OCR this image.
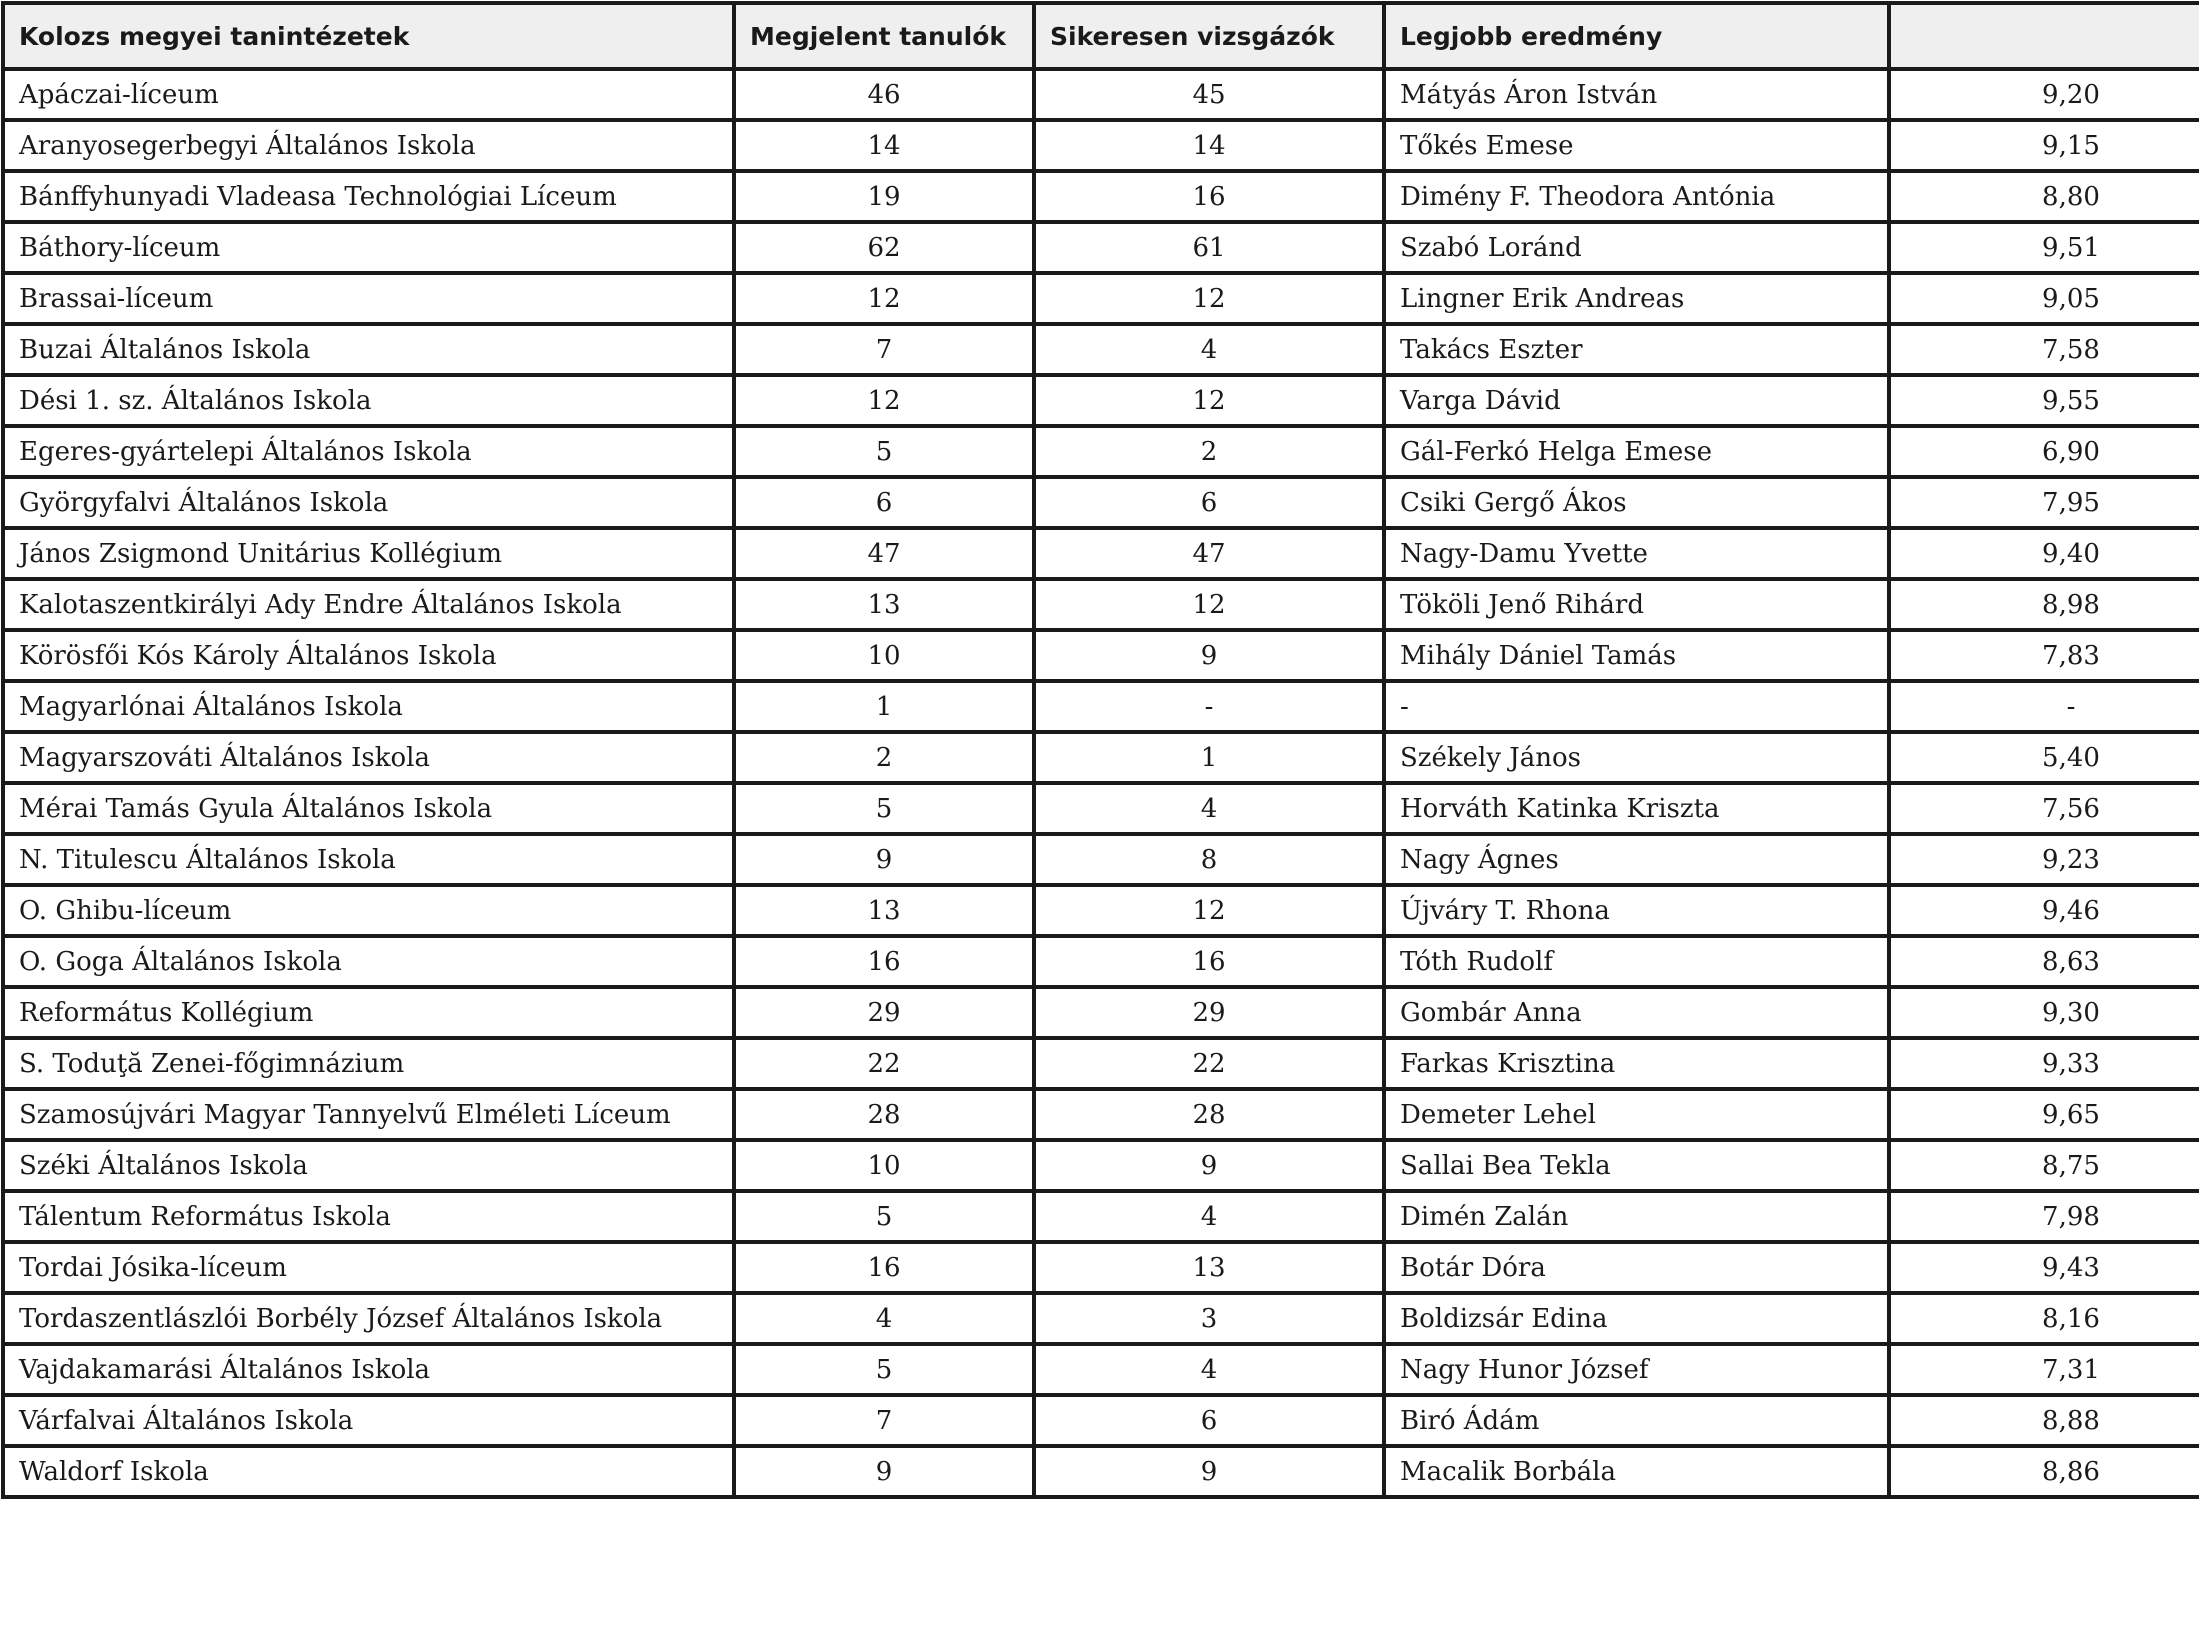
Kolozs megyei tanintézetek	Megjelent tanulók	Sikeresen vizsgázók	Legjobb eredmény	
Apáczai-líceum	46	45	Mátyás Áron István	9,20
Aranyosegerbegyi Általános Iskola	14	14	Tőkés Emese	9,15
Bánffyhunyadi Vladeasa Technológiai Líceum	19	16	Dimény F. Theodora Antónia	8,80
Báthory-líceum	62	61	Szabó Loránd	9,51
Brassai-líceum	12	12	Lingner Erik Andreas	9,05
Buzai Általános Iskola	7	4	Takács Eszter	7,58
Dési 1. sz. Általános Iskola	12	12	Varga Dávid	9,55
Egeres-gyártelepi Általános Iskola	5	2	Gál-Ferkó Helga Emese	6,90
Györgyfalvi Általános Iskola	6	6	Csiki Gergő Ákos	7,95
János Zsigmond Unitárius Kollégium	47	47	Nagy-Damu Yvette	9,40
Kalotaszentkirályi Ady Endre Általános Iskola	13	12	Tököli Jenő Rihárd	8,98
Körösfői Kós Károly Általános Iskola	10	9	Mihály Dániel Tamás	7,83
Magyarlónai Általános Iskola	1	-	-	-
Magyarszováti Általános Iskola	2	1	Székely János	5,40
Mérai Tamás Gyula Általános Iskola	5	4	Horváth Katinka Kriszta	7,56
N. Titulescu Általános Iskola	9	8	Nagy Ágnes	9,23
O. Ghibu-líceum	13	12	Újváry T. Rhona	9,46
O. Goga Általános Iskola	16	16	Tóth Rudolf	8,63
Református Kollégium	29	29	Gombár Anna	9,30
S. Toduţă Zenei-főgimnázium	22	22	Farkas Krisztina	9,33
Szamosújvári Magyar Tannyelvű Elméleti Líceum	28	28	Demeter Lehel	9,65
Széki Általános Iskola	10	9	Sallai Bea Tekla	8,75
Tálentum Református Iskola	5	4	Dimén Zalán	7,98
Tordai Jósika-líceum	16	13	Botár Dóra	9,43
Tordaszentlászlói Borbély József Általános Iskola	4	3	Boldizsár Edina	8,16
Vajdakamarási Általános Iskola	5	4	Nagy Hunor József	7,31
Várfalvai Általános Iskola	7	6	Biró Ádám	8,88
Waldorf Iskola	9	9	Macalik Borbála	8,86
